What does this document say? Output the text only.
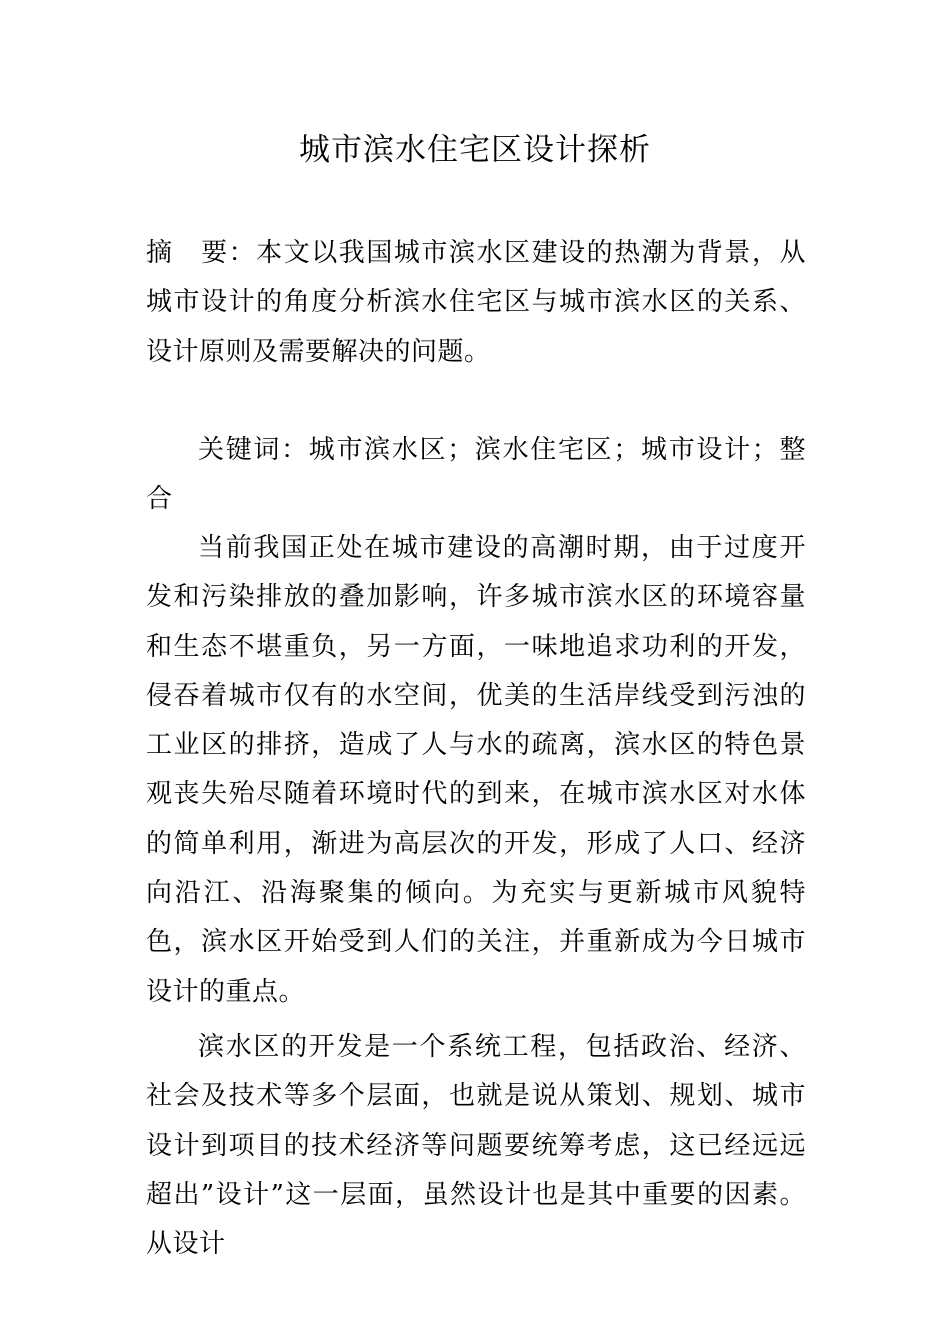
城市滨水住宅区设计探析

摘　要：本文以我国城市滨水区建设的热潮为背景，从城市设计的角度分析滨水住宅区与城市滨水区的关系、设计原则及需要解决的问题。

关键词：城市滨水区；滨水住宅区；城市设计；整合

当前我国正处在城市建设的高潮时期，由于过度开发和污染排放的叠加影响，许多城市滨水区的环境容量和生态不堪重负，另一方面，一味地追求功利的开发，侵吞着城市仅有的水空间，优美的生活岸线受到污浊的工业区的排挤，造成了人与水的疏离，滨水区的特色景观丧失殆尽随着环境时代的到来，在城市滨水区对水体的简单利用，渐进为高层次的开发，形成了人口、经济向沿江、沿海聚集的倾向。为充实与更新城市风貌特色，滨水区开始受到人们的关注，并重新成为今日城市设计的重点。

滨水区的开发是一个系统工程，包括政治、经济、社会及技术等多个层面，也就是说从策划、规划、城市设计到项目的技术经济等问题要统筹考虑，这已经远远超出”设计”这一层面，虽然设计也是其中重要的因素。从设计
